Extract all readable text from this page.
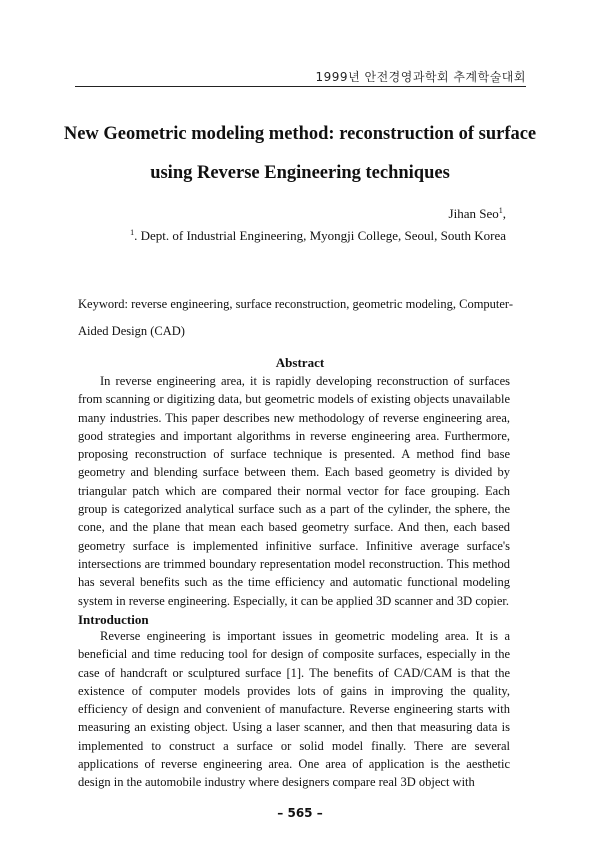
1999년 안전경영과학회 추계학술대회
New Geometric modeling method: reconstruction of surface
using Reverse Engineering techniques
Jihan Seo$^1$,
$^1$. Dept. of Industrial Engineering, Myongji College, Seoul, South Korea
Keyword: reverse engineering, surface reconstruction, geometric modeling, Computer-Aided Design (CAD)
Abstract

In reverse engineering area, it is rapidly developing reconstruction of surfaces from scanning or digitizing data, but geometric models of existing objects unavailable many industries. This paper describes new methodology of reverse engineering area, good strategies and important algorithms in reverse engineering area. Furthermore, proposing reconstruction of surface technique is presented. A method find base geometry and blending surface between them. Each based geometry is divided by triangular patch which are compared their normal vector for face grouping. Each group is categorized analytical surface such as a part of the cylinder, the sphere, the cone, and the plane that mean each based geometry surface. And then, each based geometry surface is implemented infinitive surface. Infinitive average surface's intersections are trimmed boundary representation model reconstruction. This method has several benefits such as the time efficiency and automatic functional modeling system in reverse engineering. Especially, it can be applied 3D scanner and 3D copier.

Introduction

Reverse engineering is important issues in geometric modeling area. It is a beneficial and time reducing tool for design of composite surfaces, especially in the case of handcraft or sculptured surface [1]. The benefits of CAD/CAM is that the existence of computer models provides lots of gains in improving the quality, efficiency of design and convenient of manufacture. Reverse engineering starts with measuring an existing object. Using a laser scanner, and then that measuring data is implemented to construct a surface or solid model finally. There are several applications of reverse engineering area. One area of application is the aesthetic design in the automobile industry where designers compare real 3D object with

– 565 –
